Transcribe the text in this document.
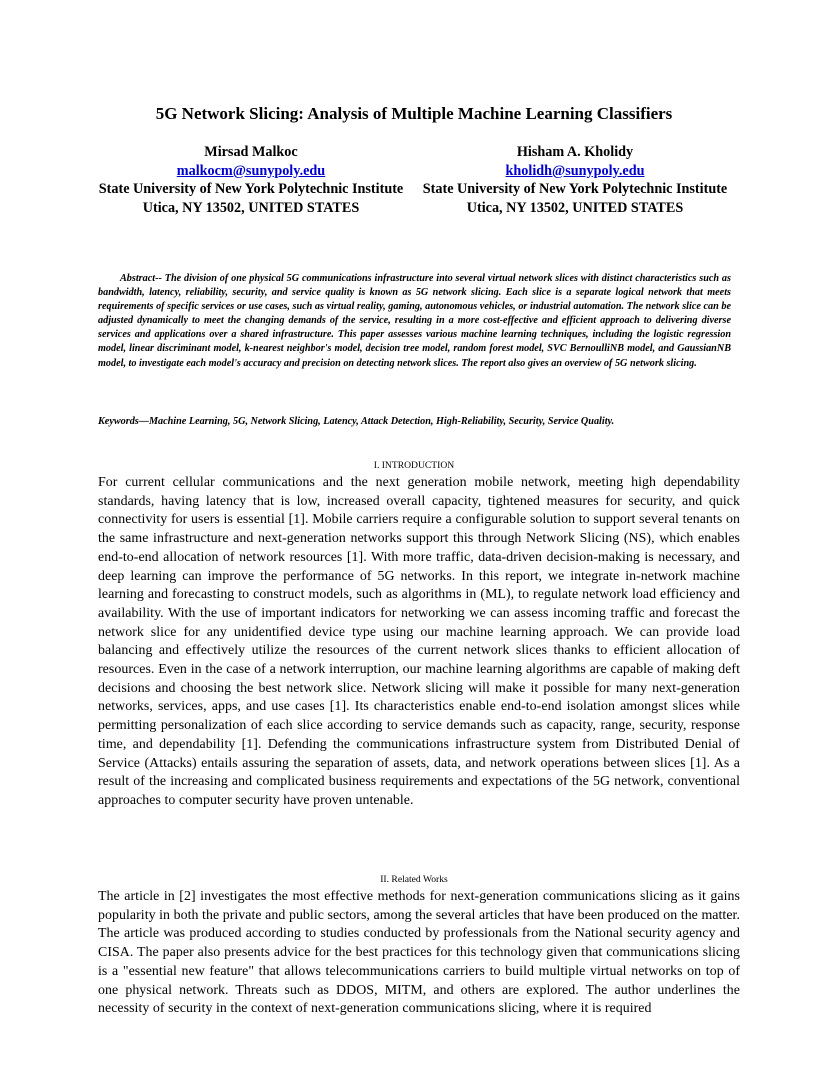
5G Network Slicing: Analysis of Multiple Machine Learning Classifiers
Mirsad Malkoc
malkocm@sunypoly.edu
State University of New York Polytechnic Institute Utica, NY 13502, UNITED STATES
Hisham A. Kholidy
kholidh@sunypoly.edu
State University of New York Polytechnic Institute Utica, NY 13502, UNITED STATES
Abstract-- The division of one physical 5G communications infrastructure into several virtual network slices with distinct characteristics such as bandwidth, latency, reliability, security, and service quality is known as 5G network slicing. Each slice is a separate logical network that meets requirements of specific services or use cases, such as virtual reality, gaming, autonomous vehicles, or industrial automation. The network slice can be adjusted dynamically to meet the changing demands of the service, resulting in a more cost-effective and efficient approach to delivering diverse services and applications over a shared infrastructure. This paper assesses various machine learning techniques, including the logistic regression model, linear discriminant model, k-nearest neighbor's model, decision tree model, random forest model, SVC BernoulliNB model, and GaussianNB model, to investigate each model's accuracy and precision on detecting network slices. The report also gives an overview of 5G network slicing.
Keywords—Machine Learning, 5G, Network Slicing, Latency, Attack Detection, High-Reliability, Security, Service Quality.
I. INTRODUCTION

For current cellular communications and the next generation mobile network, meeting high dependability standards, having latency that is low, increased overall capacity, tightened measures for security, and quick connectivity for users is essential [1]. Mobile carriers require a configurable solution to support several tenants on the same infrastructure and next-generation networks support this through Network Slicing (NS), which enables end-to-end allocation of network resources [1]. With more traffic, data-driven decision-making is necessary, and deep learning can improve the performance of 5G networks. In this report, we integrate in-network machine learning and forecasting to construct models, such as algorithms in (ML), to regulate network load efficiency and availability. With the use of important indicators for networking we can assess incoming traffic and forecast the network slice for any unidentified device type using our machine learning approach. We can provide load balancing and effectively utilize the resources of the current network slices thanks to efficient allocation of resources. Even in the case of a network interruption, our machine learning algorithms are capable of making deft decisions and choosing the best network slice. Network slicing will make it possible for many next-generation networks, services, apps, and use cases [1]. Its characteristics enable end-to-end isolation amongst slices while permitting personalization of each slice according to service demands such as capacity, range, security, response time, and dependability [1]. Defending the communications infrastructure system from Distributed Denial of Service (Attacks) entails assuring the separation of assets, data, and network operations between slices [1]. As a result of the increasing and complicated business requirements and expectations of the 5G network, conventional approaches to computer security have proven untenable.

II. Related Works

The article in [2] investigates the most effective methods for next-generation communications slicing as it gains popularity in both the private and public sectors, among the several articles that have been produced on the matter. The article was produced according to studies conducted by professionals from the National security agency and CISA. The paper also presents advice for the best practices for this technology given that communications slicing is a "essential new feature" that allows telecommunications carriers to build multiple virtual networks on top of one physical network. Threats such as DDOS, MITM, and others are explored. The author underlines the necessity of security in the context of next-generation communications slicing, where it is required
